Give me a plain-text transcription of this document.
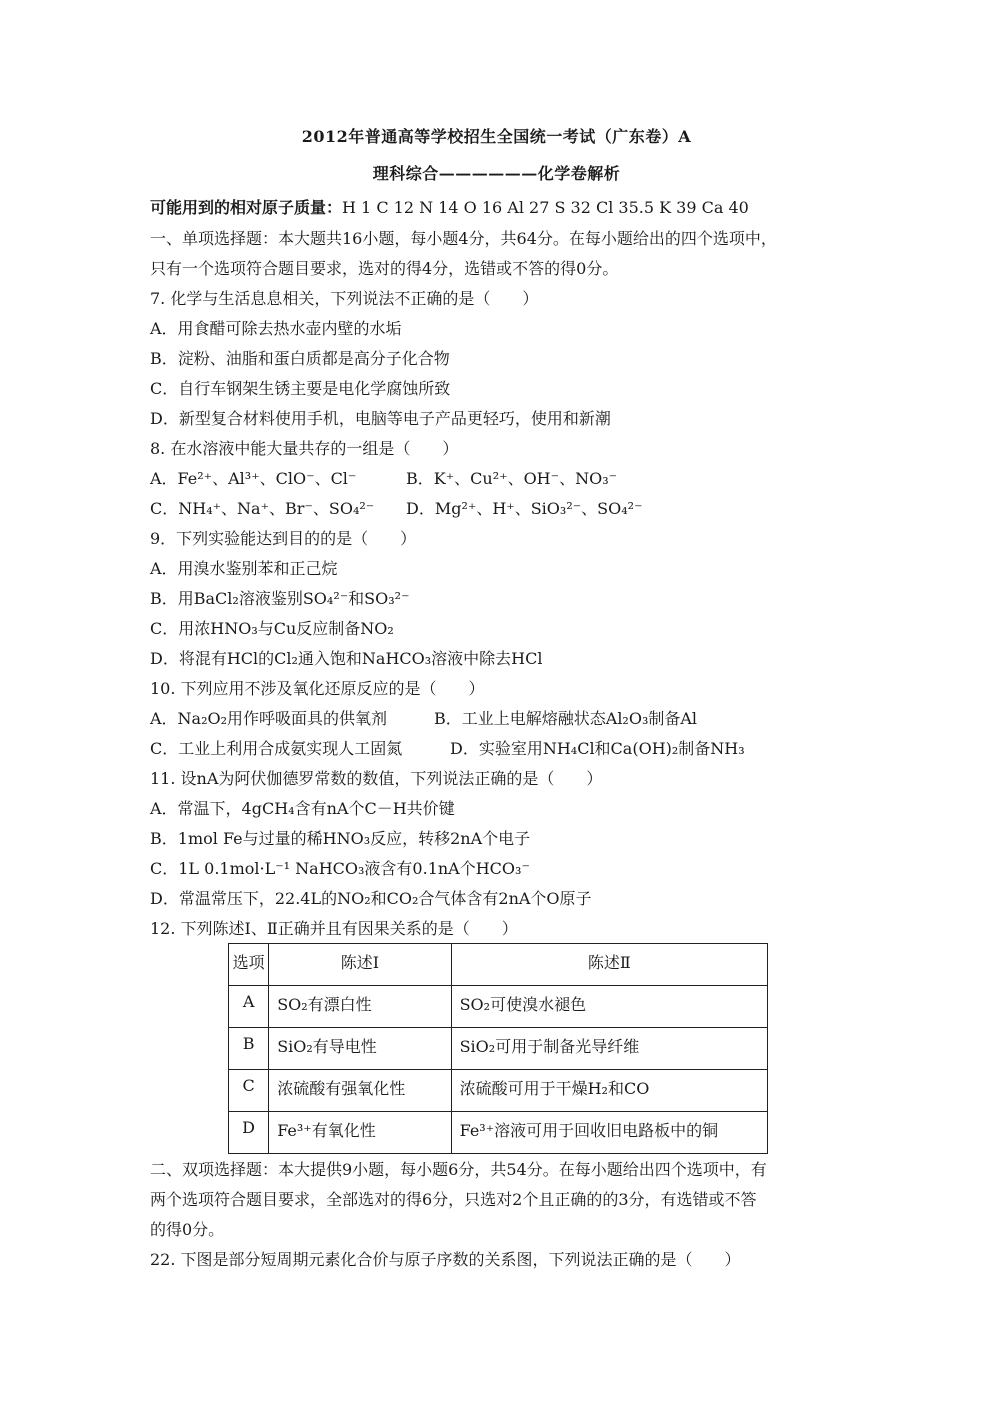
2012年普通高等学校招生全国统一考试（广东卷）A
理科综合——————化学卷解析
可能用到的相对原子质量：H 1 C 12 N 14 O 16 Al 27 S 32 Cl 35.5 K 39 Ca 40
一、单项选择题：本大题共16小题，每小题4分，共64分。在每小题给出的四个选项中，
只有一个选项符合题目要求，选对的得4分，选错或不答的得0分。
7. 化学与生活息息相关，下列说法不正确的是（　　）
A．用食醋可除去热水壶内壁的水垢
B．淀粉、油脂和蛋白质都是高分子化合物
C．自行车钢架生锈主要是电化学腐蚀所致
D．新型复合材料使用手机，电脑等电子产品更轻巧，使用和新潮
8. 在水溶液中能大量共存的一组是（　　）
A．Fe²⁺、Al³⁺、ClO⁻、Cl⁻	B．K⁺、Cu²⁺、OH⁻、NO₃⁻
C．NH₄⁺、Na⁺、Br⁻、SO₄²⁻ D．Mg²⁺、H⁺、SiO₃²⁻、SO₄²⁻
9．下列实验能达到目的的是（　　）
A．用溴水鉴别苯和正己烷
B．用BaCl₂溶液鉴别SO₄²⁻和SO₃²⁻
C．用浓HNO₃与Cu反应制备NO₂
D．将混有HCl的Cl₂通入饱和NaHCO₃溶液中除去HCl
10. 下列应用不涉及氧化还原反应的是（　　）
A．Na₂O₂用作呼吸面具的供氧剂	B．工业上电解熔融状态Al₂O₃制备Al
C．工业上利用合成氨实现人工固氮	D．实验室用NH₄Cl和Ca(OH)₂制备NH₃
11. 设nA为阿伏伽德罗常数的数值，下列说法正确的是（　　）
A．常温下，4gCH₄含有nA个C－H共价键
B．1mol Fe与过量的稀HNO₃反应，转移2nA个电子
C．1L 0.1mol·L⁻¹ NaHCO₃液含有0.1nA个HCO₃⁻
D．常温常压下，22.4L的NO₂和CO₂合气体含有2nA个O原子
12. 下列陈述Ⅰ、Ⅱ正确并且有因果关系的是（　　）
选项	陈述Ⅰ	陈述Ⅱ
A	SO₂有漂白性	SO₂可使溴水褪色
B	SiO₂有导电性	SiO₂可用于制备光导纤维
C	浓硫酸有强氧化性	浓硫酸可用于干燥H₂和CO
D	Fe³⁺有氧化性	Fe³⁺溶液可用于回收旧电路板中的铜
二、双项选择题：本大提供9小题，每小题6分，共54分。在每小题给出四个选项中，有
两个选项符合题目要求，全部选对的得6分，只选对2个且正确的的3分，有选错或不答
的得0分。
22. 下图是部分短周期元素化合价与原子序数的关系图，下列说法正确的是（　　）
